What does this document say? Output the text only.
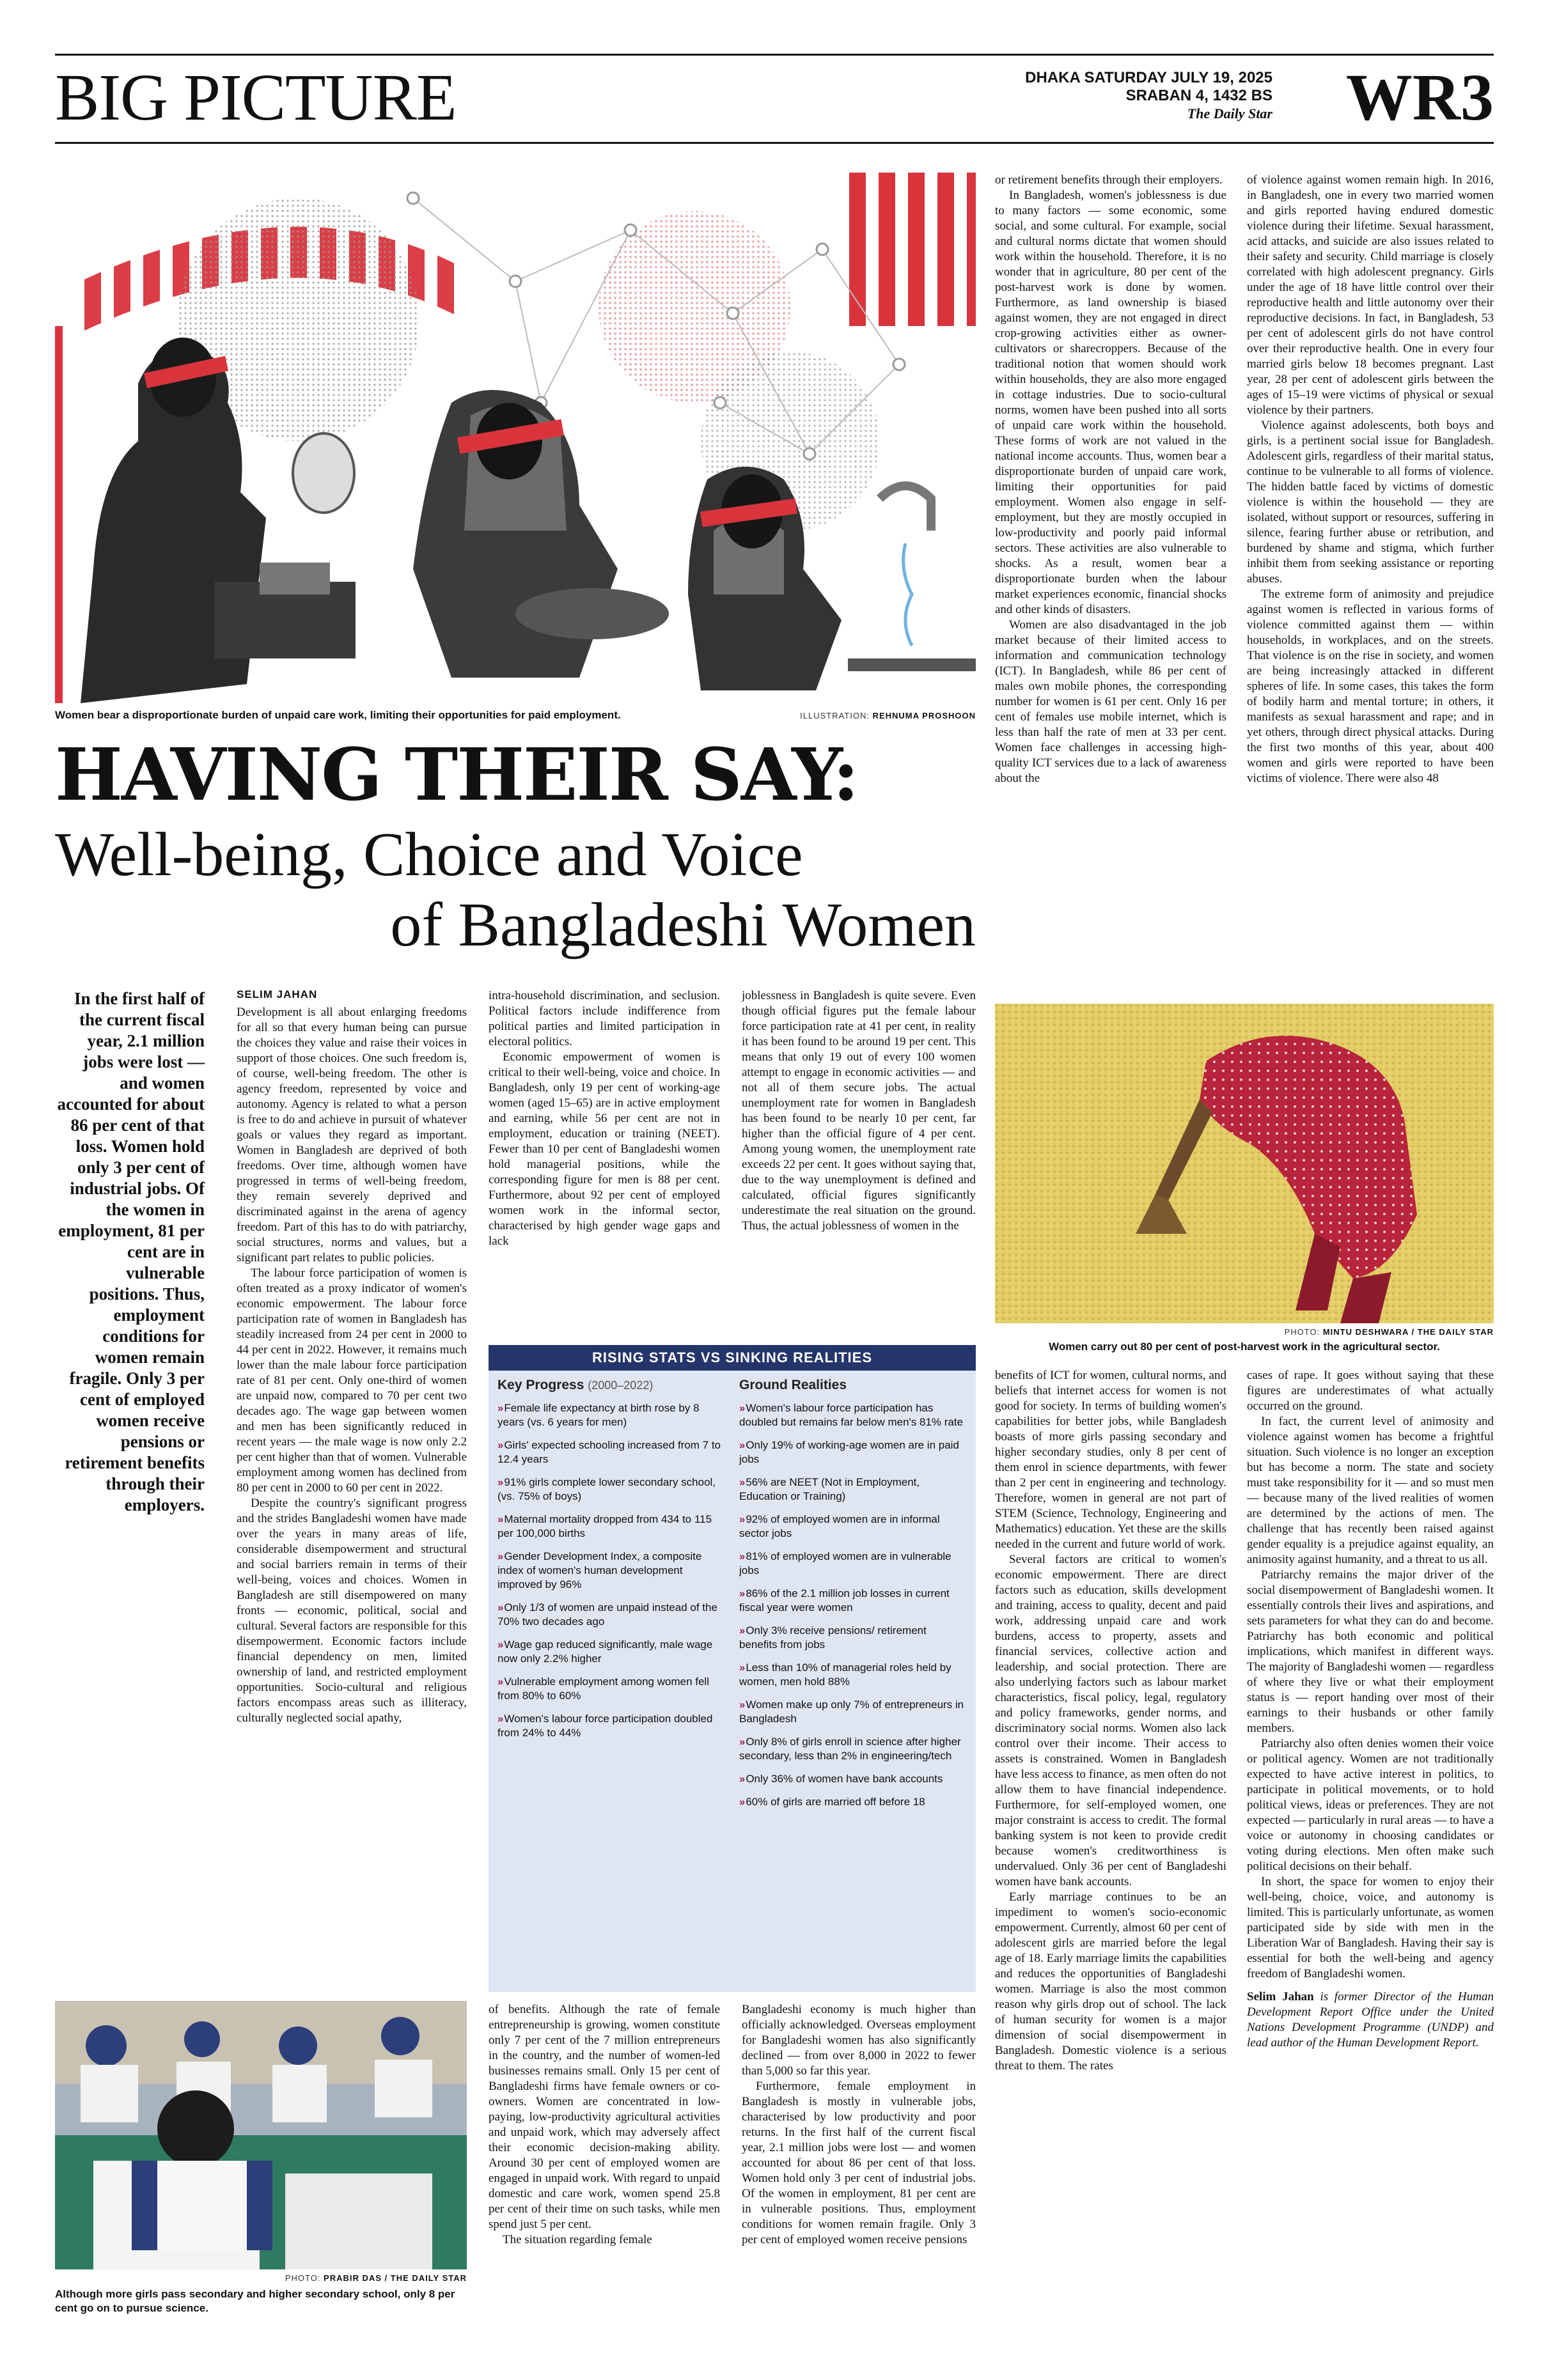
BIG PICTURE	DHAKA SATURDAY JULY 19, 2025
SRABAN 4, 1432 BS
The Daily Star	WR3
Women bear a disproportionate burden of unpaid care work, limiting their opportunities for paid employment.	ILLUSTRATION: REHNUMA PROSHOON
HAVING THEIR SAY:
Well-being, Choice and Voice
of Bangladeshi Women
In the first half of the current fiscal year, 2.1 million jobs were lost — and women accounted for about 86 per cent of that loss. Women hold only 3 per cent of industrial jobs. Of the women in employment, 81 per cent are in vulnerable positions. Thus, employment conditions for women remain fragile. Only 3 per cent of employed women receive pensions or retirement benefits through their employers.
SELIM JAHAN

Development is all about enlarging freedoms for all so that every human being can pursue the choices they value and raise their voices in support of those choices. One such freedom is, of course, well-being freedom. The other is agency freedom, represented by voice and autonomy. Agency is related to what a person is free to do and achieve in pursuit of whatever goals or values they regard as important. Women in Bangladesh are deprived of both freedoms. Over time, although women have progressed in terms of well-being freedom, they remain severely deprived and discriminated against in the arena of agency freedom. Part of this has to do with patriarchy, social structures, norms and values, but a significant part relates to public policies.

The labour force participation of women is often treated as a proxy indicator of women's economic empowerment. The labour force participation rate of women in Bangladesh has steadily increased from 24 per cent in 2000 to 44 per cent in 2022. However, it remains much lower than the male labour force participation rate of 81 per cent. Only one-third of women are unpaid now, compared to 70 per cent two decades ago. The wage gap between women and men has been significantly reduced in recent years — the male wage is now only 2.2 per cent higher than that of women. Vulnerable employment among women has declined from 80 per cent in 2000 to 60 per cent in 2022.

Despite the country's significant progress and the strides Bangladeshi women have made over the years in many areas of life, considerable disempowerment and structural and social barriers remain in terms of their well-being, voices and choices. Women in Bangladesh are still disempowered on many fronts — economic, political, social and cultural. Several factors are responsible for this disempowerment. Economic factors include financial dependency on men, limited ownership of land, and restricted employment opportunities. Socio-cultural and religious factors encompass areas such as illiteracy, culturally neglected social apathy,

intra-household discrimination, and seclusion. Political factors include indifference from political parties and limited participation in electoral politics.

Economic empowerment of women is critical to their well-being, voice and choice. In Bangladesh, only 19 per cent of working-age women (aged 15–65) are in active employment and earning, while 56 per cent are not in employment, education or training (NEET). Fewer than 10 per cent of Bangladeshi women hold managerial positions, while the corresponding figure for men is 88 per cent. Furthermore, about 92 per cent of employed women work in the informal sector, characterised by high gender wage gaps and lack

joblessness in Bangladesh is quite severe. Even though official figures put the female labour force participation rate at 41 per cent, in reality it has been found to be around 19 per cent. This means that only 19 out of every 100 women attempt to engage in economic activities — and not all of them secure jobs. The actual unemployment rate for women in Bangladesh has been found to be nearly 10 per cent, far higher than the official figure of 4 per cent. Among young women, the unemployment rate exceeds 22 per cent. It goes without saying that, due to the way unemployment is defined and calculated, official figures significantly underestimate the real situation on the ground. Thus, the actual joblessness of women in the

RISING STATS VS SINKING REALITIES
Key Progress (2000–2022)
›› Female life expectancy at birth rose by 8 years (vs. 6 years for men)
›› Girls' expected schooling increased from 7 to 12.4 years
›› 91% girls complete lower secondary school, (vs. 75% of boys)
›› Maternal mortality dropped from 434 to 115 per 100,000 births
›› Gender Development Index, a composite index of women's human development improved by 96%
›› Only 1/3 of women are unpaid instead of the 70% two decades ago
›› Wage gap reduced significantly, male wage now only 2.2% higher
›› Vulnerable employment among women fell from 80% to 60%
›› Women's labour force participation doubled from 24% to 44%
Ground Realities
›› Women's labour force participation has doubled but remains far below men's 81% rate
›› Only 19% of working-age women are in paid jobs
›› 56% are NEET (Not in Employment, Education or Training)
›› 92% of employed women are in informal sector jobs
›› 81% of employed women are in vulnerable jobs
›› 86% of the 2.1 million job losses in current fiscal year were women
›› Only 3% receive pensions/ retirement benefits from jobs
›› Less than 10% of managerial roles held by women, men hold 88%
›› Women make up only 7% of entrepreneurs in Bangladesh
›› Only 8% of girls enroll in science after higher secondary, less than 2% in engineering/tech
›› Only 36% of women have bank accounts
›› 60% of girls are married off before 18
PHOTO: PRABIR DAS / THE DAILY STAR
Although more girls pass secondary and higher secondary school, only 8 per cent go on to pursue science.

of benefits. Although the rate of female entrepreneurship is growing, women constitute only 7 per cent of the 7 million entrepreneurs in the country, and the number of women-led businesses remains small. Only 15 per cent of Bangladeshi firms have female owners or co-owners. Women are concentrated in low-paying, low-productivity agricultural activities and unpaid work, which may adversely affect their economic decision-making ability. Around 30 per cent of employed women are engaged in unpaid work. With regard to unpaid domestic and care work, women spend 25.8 per cent of their time on such tasks, while men spend just 5 per cent.

The situation regarding female

Bangladeshi economy is much higher than officially acknowledged. Overseas employment for Bangladeshi women has also significantly declined — from over 8,000 in 2022 to fewer than 5,000 so far this year.

Furthermore, female employment in Bangladesh is mostly in vulnerable jobs, characterised by low productivity and poor returns. In the first half of the current fiscal year, 2.1 million jobs were lost — and women accounted for about 86 per cent of that loss. Women hold only 3 per cent of industrial jobs. Of the women in employment, 81 per cent are in vulnerable positions. Thus, employment conditions for women remain fragile. Only 3 per cent of employed women receive pensions

or retirement benefits through their employers.

In Bangladesh, women's joblessness is due to many factors — some economic, some social, and some cultural. For example, social and cultural norms dictate that women should work within the household. Therefore, it is no wonder that in agriculture, 80 per cent of the post-harvest work is done by women. Furthermore, as land ownership is biased against women, they are not engaged in direct crop-growing activities either as owner-cultivators or sharecroppers. Because of the traditional notion that women should work within households, they are also more engaged in cottage industries. Due to socio-cultural norms, women have been pushed into all sorts of unpaid care work within the household. These forms of work are not valued in the national income accounts. Thus, women bear a disproportionate burden of unpaid care work, limiting their opportunities for paid employment. Women also engage in self-employment, but they are mostly occupied in low-productivity and poorly paid informal sectors. These activities are also vulnerable to shocks. As a result, women bear a disproportionate burden when the labour market experiences economic, financial shocks and other kinds of disasters.

Women are also disadvantaged in the job market because of their limited access to information and communication technology (ICT). In Bangladesh, while 86 per cent of males own mobile phones, the corresponding number for women is 61 per cent. Only 16 per cent of females use mobile internet, which is less than half the rate of men at 33 per cent. Women face challenges in accessing high-quality ICT services due to a lack of awareness about the

of violence against women remain high. In 2016, in Bangladesh, one in every two married women and girls reported having endured domestic violence during their lifetime. Sexual harassment, acid attacks, and suicide are also issues related to their safety and security. Child marriage is closely correlated with high adolescent pregnancy. Girls under the age of 18 have little control over their reproductive health and little autonomy over their reproductive decisions. In fact, in Bangladesh, 53 per cent of adolescent girls do not have control over their reproductive health. One in every four married girls below 18 becomes pregnant. Last year, 28 per cent of adolescent girls between the ages of 15–19 were victims of physical or sexual violence by their partners.

Violence against adolescents, both boys and girls, is a pertinent social issue for Bangladesh. Adolescent girls, regardless of their marital status, continue to be vulnerable to all forms of violence. The hidden battle faced by victims of domestic violence is within the household — they are isolated, without support or resources, suffering in silence, fearing further abuse or retribution, and burdened by shame and stigma, which further inhibit them from seeking assistance or reporting abuses.

The extreme form of animosity and prejudice against women is reflected in various forms of violence committed against them — within households, in workplaces, and on the streets. That violence is on the rise in society, and women are being increasingly attacked in different spheres of life. In some cases, this takes the form of bodily harm and mental torture; in others, it manifests as sexual harassment and rape; and in yet others, through direct physical attacks. During the first two months of this year, about 400 women and girls were reported to have been victims of violence. There were also 48

PHOTO: MINTU DESHWARA / THE DAILY STAR
Women carry out 80 per cent of post-harvest work in the agricultural sector.

benefits of ICT for women, cultural norms, and beliefs that internet access for women is not good for society. In terms of building women's capabilities for better jobs, while Bangladesh boasts of more girls passing secondary and higher secondary studies, only 8 per cent of them enrol in science departments, with fewer than 2 per cent in engineering and technology. Therefore, women in general are not part of STEM (Science, Technology, Engineering and Mathematics) education. Yet these are the skills needed in the current and future world of work.

Several factors are critical to women's economic empowerment. There are direct factors such as education, skills development and training, access to quality, decent and paid work, addressing unpaid care and work burdens, access to property, assets and financial services, collective action and leadership, and social protection. There are also underlying factors such as labour market characteristics, fiscal policy, legal, regulatory and policy frameworks, gender norms, and discriminatory social norms. Women also lack control over their income. Their access to assets is constrained. Women in Bangladesh have less access to finance, as men often do not allow them to have financial independence. Furthermore, for self-employed women, one major constraint is access to credit. The formal banking system is not keen to provide credit because women's creditworthiness is undervalued. Only 36 per cent of Bangladeshi women have bank accounts.

Early marriage continues to be an impediment to women's socio-economic empowerment. Currently, almost 60 per cent of adolescent girls are married before the legal age of 18. Early marriage limits the capabilities and reduces the opportunities of Bangladeshi women. Marriage is also the most common reason why girls drop out of school. The lack of human security for women is a major dimension of social disempowerment in Bangladesh. Domestic violence is a serious threat to them. The rates

cases of rape. It goes without saying that these figures are underestimates of what actually occurred on the ground.

In fact, the current level of animosity and violence against women has become a frightful situation. Such violence is no longer an exception but has become a norm. The state and society must take responsibility for it — and so must men — because many of the lived realities of women are determined by the actions of men. The challenge that has recently been raised against gender equality is a prejudice against equality, an animosity against humanity, and a threat to us all.

Patriarchy remains the major driver of the social disempowerment of Bangladeshi women. It essentially controls their lives and aspirations, and sets parameters for what they can do and become. Patriarchy has both economic and political implications, which manifest in different ways. The majority of Bangladeshi women — regardless of where they live or what their employment status is — report handing over most of their earnings to their husbands or other family members.

Patriarchy also often denies women their voice or political agency. Women are not traditionally expected to have active interest in politics, to participate in political movements, or to hold political views, ideas or preferences. They are not expected — particularly in rural areas — to have a voice or autonomy in choosing candidates or voting during elections. Men often make such political decisions on their behalf.

In short, the space for women to enjoy their well-being, choice, voice, and autonomy is limited. This is particularly unfortunate, as women participated side by side with men in the Liberation War of Bangladesh. Having their say is essential for both the well-being and agency freedom of Bangladeshi women.

Selim Jahan is former Director of the Human Development Report Office under the United Nations Development Programme (UNDP) and lead author of the Human Development Report.
